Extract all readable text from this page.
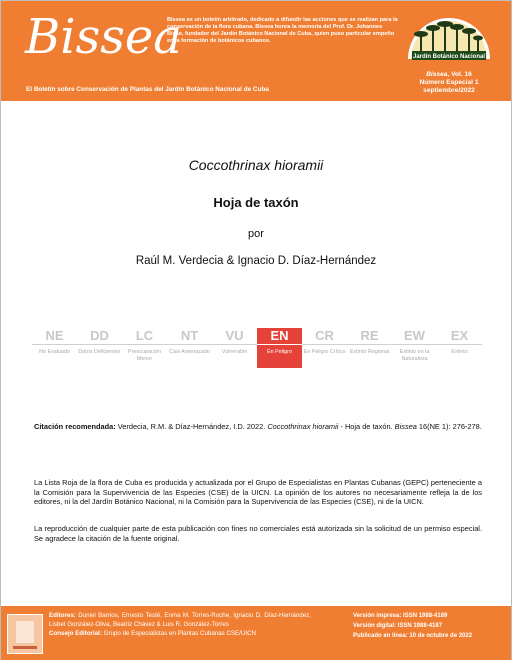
Bissea
Bissea es un boletín arbitrado, dedicado a difundir las acciones que se realizan para la conservación de la flora cubana. Bissea honra la memoria del Prof. Dr. Johannes Bisse, fundador del Jardín Botánico Nacional de Cuba, quien puso particular empeño en la formación de botánicos cubanos.
El Boletín sobre Conservación de Plantas del Jardín Botánico Nacional de Cuba
Jardín Botánico Nacional
Bissea, Vol. 16
Número Especial 1
septiembre/2022
Coccothrinax hioramii
Hoja de taxón
por
Raúl M. Verdecia & Ignacio D. Díaz-Hernández
NE
No Evaluado
DD
Datos Deficientes
LC
Preocupación Menor
NT
Casi Amenazado
VU
Vulnerable
EN
En Peligro
CR
En Peligro Crítico
RE
Extinto Regional
EW
Extinto en la Naturaleza
EX
Extinto
Citación recomendada: Verdecia, R.M. & Díaz-Hernández, I.D. 2022. Coccothrinax hioramii - Hoja de taxón. Bissea 16(NE 1): 276-278.
La Lista Roja de la flora de Cuba es producida y actualizada por el Grupo de Especialistas en Plantas Cubanas (GEPC) perteneciente a la Comisión para la Supervivencia de las Especies (CSE) de la UICN. La opinión de los autores no necesariamente refleja la de los editores, ni la del Jardín Botánico Nacional, ni la Comisión para la Supervivencia de las Especies (CSE), ni de la UICN.
La reproducción de cualquier parte de esta publicación con fines no comerciales está autorizada sin la solicitud de un permiso especial. Se agradece la citación de la fuente original.
Editores: Duniel Barrios, Ernesto Testé, Enma M. Torres-Roche, Ignacio D. Díaz-Hernández, Lisbet González-Oliva, Beatriz Chávez & Luis R. González-Torres
Consejo Editorial: Grupo de Especialistas en Plantas Cubanas CSE/UICN
Versión impresa: ISSN 1988-4189
Versión digital: ISSN 1988-4187
Publicado en línea: 10 de octubre de 2022
